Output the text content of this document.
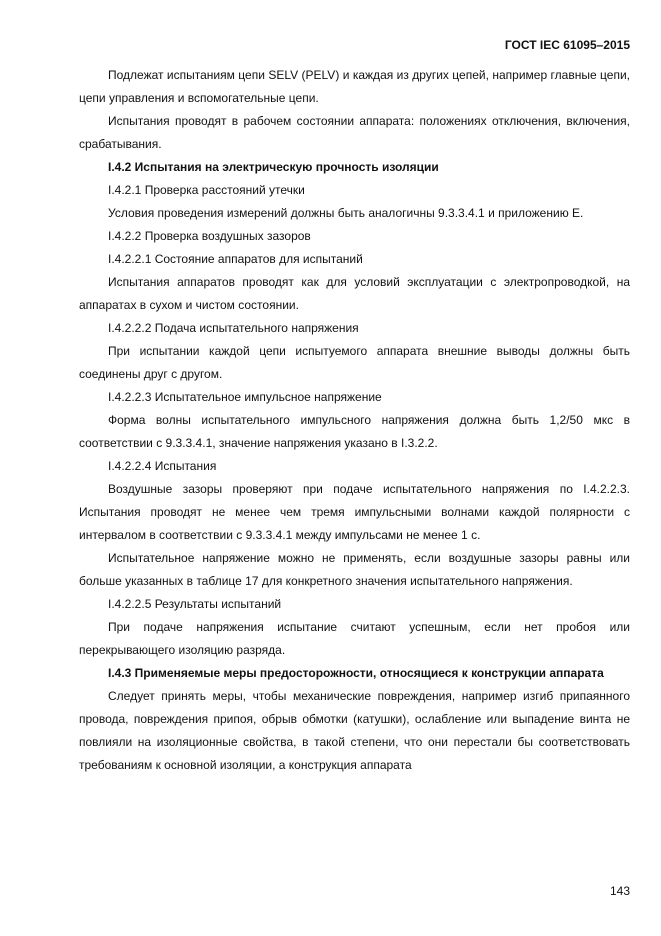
ГОСТ IEC 61095–2015

Подлежат испытаниям цепи SELV (PELV) и каждая из других цепей, например главные цепи, цепи управления и вспомогательные цепи.

Испытания проводят в рабочем состоянии аппарата: положениях отключения, включения, срабатывания.

I.4.2 Испытания на электрическую прочность изоляции

I.4.2.1 Проверка расстояний утечки

Условия проведения измерений должны быть аналогичны 9.3.3.4.1 и приложению Е.

I.4.2.2 Проверка воздушных зазоров

I.4.2.2.1 Состояние аппаратов для испытаний

Испытания аппаратов проводят как для условий эксплуатации с электропроводкой, на аппаратах в сухом и чистом состоянии.

I.4.2.2.2 Подача испытательного напряжения

При испытании каждой цепи испытуемого аппарата внешние выводы должны быть соединены друг с другом.

I.4.2.2.3 Испытательное импульсное напряжение

Форма волны испытательного импульсного напряжения должна быть 1,2/50 мкс в соответствии с 9.3.3.4.1, значение напряжения указано в I.3.2.2.

I.4.2.2.4 Испытания

Воздушные зазоры проверяют при подаче испытательного напряжения по I.4.2.2.3. Испытания проводят не менее чем тремя импульсными волнами каждой полярности с интервалом в соответствии с 9.3.3.4.1 между импульсами не менее 1 с.

Испытательное напряжение можно не применять, если воздушные зазоры равны или больше указанных в таблице 17 для конкретного значения испытательного напряжения.

I.4.2.2.5 Результаты испытаний

При подаче напряжения испытание считают успешным, если нет пробоя или перекрывающего изоляцию разряда.

I.4.3 Применяемые меры предосторожности, относящиеся к конструкции аппарата

Следует принять меры, чтобы механические повреждения, например изгиб припаянного провода, повреждения припоя, обрыв обмотки (катушки), ослабление или выпадение винта не повлияли на изоляционные свойства, в такой степени, что они перестали бы соответствовать требованиям к основной изоляции, а конструкция аппарата

143
